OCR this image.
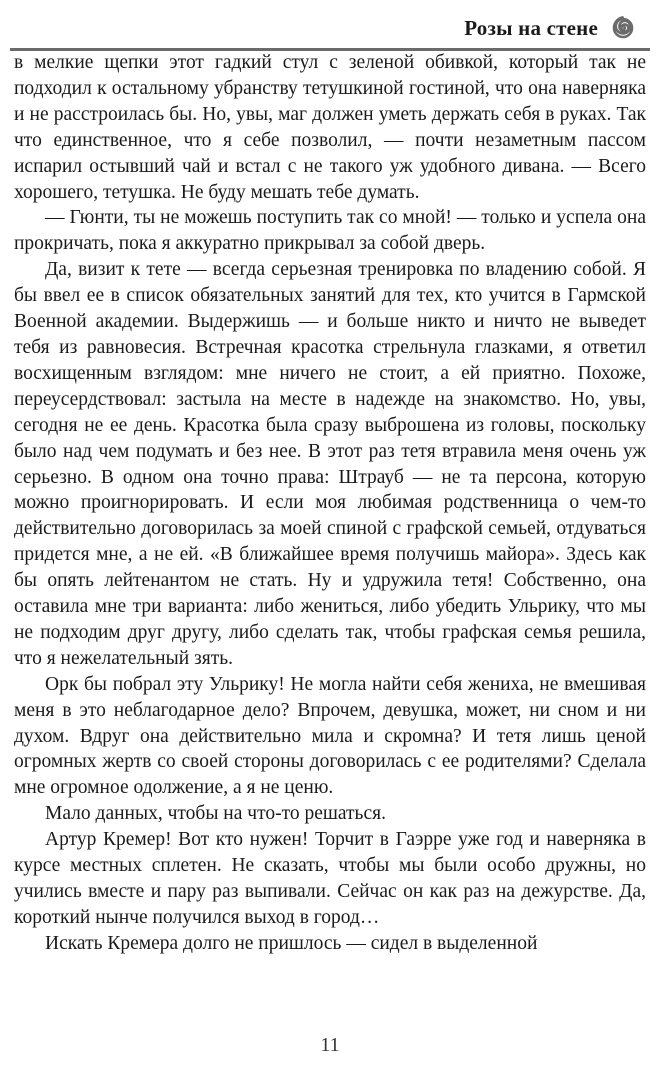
Розы на стене

в мелкие щепки этот гадкий стул с зеленой обивкой, который так не подходил к остальному убранству тетушкиной гостиной, что она наверняка и не расстроилась бы. Но, увы, маг должен уметь держать себя в руках. Так что единственное, что я себе позволил, — почти незаметным пассом испарил остывший чай и встал с не такого уж удобного дивана. — Всего хорошего, тетушка. Не буду мешать тебе думать.

— Гюнти, ты не можешь поступить так со мной! — только и успела она прокричать, пока я аккуратно прикрывал за собой дверь.

Да, визит к тете — всегда серьезная тренировка по владению собой. Я бы ввел ее в список обязательных занятий для тех, кто учится в Гармской Военной академии. Выдержишь — и больше никто и ничто не выведет тебя из равновесия. Встречная красотка стрельнула глазками, я ответил восхищенным взглядом: мне ничего не стоит, а ей приятно. Похоже, переусердствовал: застыла на месте в надежде на знакомство. Но, увы, сегодня не ее день. Красотка была сразу выброшена из головы, поскольку было над чем подумать и без нее. В этот раз тетя втравила меня очень уж серьезно. В одном она точно права: Штрауб — не та персона, которую можно проигнорировать. И если моя любимая родственница о чем-то действительно договорилась за моей спиной с графской семьей, отдуваться придется мне, а не ей. «В ближайшее время получишь майора». Здесь как бы опять лейтенантом не стать. Ну и удружила тетя! Собственно, она оставила мне три варианта: либо жениться, либо убедить Ульрику, что мы не подходим друг другу, либо сделать так, чтобы графская семья решила, что я нежелательный зять.

Орк бы побрал эту Ульрику! Не могла найти себя жениха, не вмешивая меня в это неблагодарное дело? Впрочем, девушка, может, ни сном и ни духом. Вдруг она действительно мила и скромна? И тетя лишь ценой огромных жертв со своей стороны договорилась с ее родителями? Сделала мне огромное одолжение, а я не ценю.

Мало данных, чтобы на что-то решаться.

Артур Кремер! Вот кто нужен! Торчит в Гаэрре уже год и наверняка в курсе местных сплетен. Не сказать, чтобы мы были особо дружны, но учились вместе и пару раз выпивали. Сейчас он как раз на дежурстве. Да, короткий нынче получился выход в город…

Искать Кремера долго не пришлось — сидел в выделенной

11
